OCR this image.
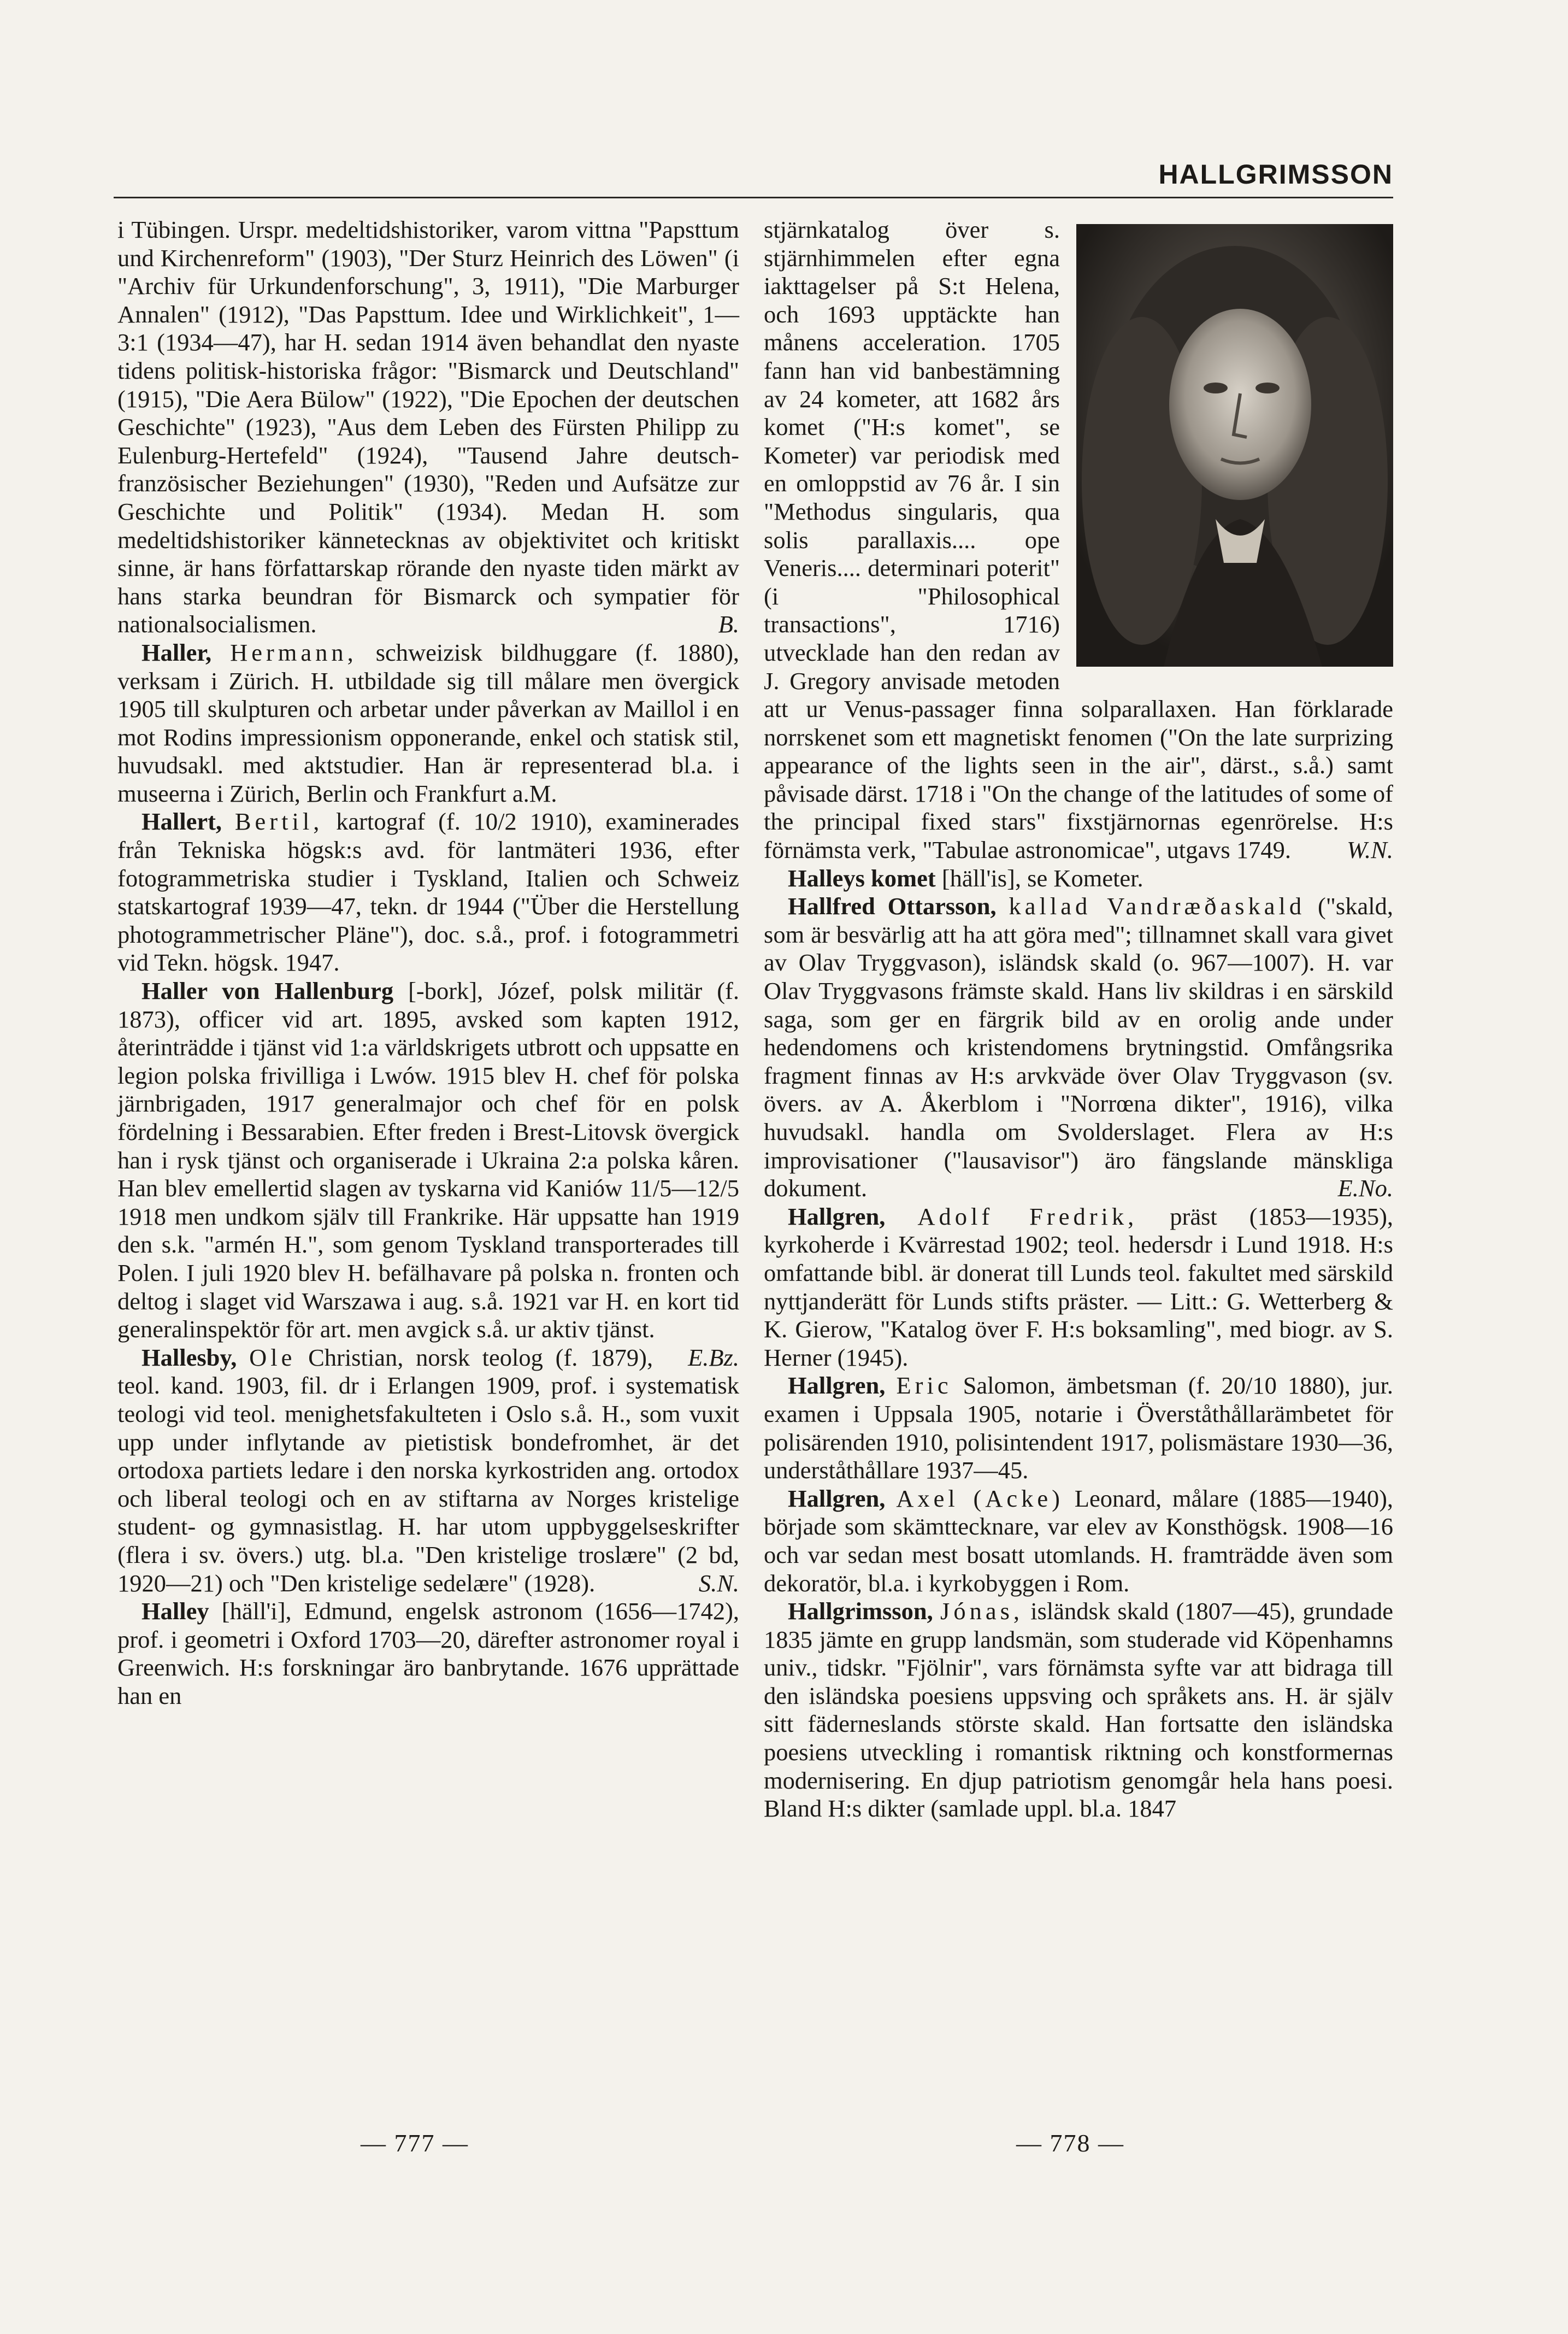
HALLGRIMSSON

i Tübingen. Urspr. medeltidshistoriker, varom vittna "Papsttum und Kirchenreform" (1903), "Der Sturz Heinrich des Löwen" (i "Archiv für Urkundenforschung", 3, 1911), "Die Marburger Annalen" (1912), "Das Papsttum. Idee und Wirklichkeit", 1—3:1 (1934—47), har H. sedan 1914 även behandlat den nyaste tidens politisk-historiska frågor: "Bismarck und Deutschland" (1915), "Die Aera Bülow" (1922), "Die Epochen der deutschen Geschichte" (1923), "Aus dem Leben des Fürsten Philipp zu Eulenburg-Hertefeld" (1924), "Tausend Jahre deutsch-französischer Beziehungen" (1930), "Reden und Aufsätze zur Geschichte und Politik" (1934). Medan H. som medeltidshistoriker kännetecknas av objektivitet och kritiskt sinne, är hans författarskap rörande den nyaste tiden märkt av hans starka beundran för Bismarck och sympatier för nationalsocialismen.	B.

Haller, Hermann, schweizisk bildhuggare (f. 1880), verksam i Zürich. H. utbildade sig till målare men övergick 1905 till skulpturen och arbetar under påverkan av Maillol i en mot Rodins impressionism opponerande, enkel och statisk stil, huvudsakl. med aktstudier. Han är representerad bl.a. i museerna i Zürich, Berlin och Frankfurt a.M.

Hallert, Bertil, kartograf (f. 10/2 1910), examinerades från Tekniska högsk:s avd. för lantmäteri 1936, efter fotogrammetriska studier i Tyskland, Italien och Schweiz statskartograf 1939—47, tekn. dr 1944 ("Über die Herstellung photogrammetrischer Pläne"), doc. s.å., prof. i fotogrammetri vid Tekn. högsk. 1947.

Haller von Hallenburg [-bork], Józef, polsk militär (f. 1873), officer vid art. 1895, avsked som kapten 1912, återinträdde i tjänst vid 1:a världskrigets utbrott och uppsatte en legion polska frivilliga i Lwów. 1915 blev H. chef för polska järnbrigaden, 1917 generalmajor och chef för en polsk fördelning i Bessarabien. Efter freden i Brest-Litovsk övergick han i rysk tjänst och organiserade i Ukraina 2:a polska kåren. Han blev emellertid slagen av tyskarna vid Kaniów 11/5—12/5 1918 men undkom själv till Frankrike. Här uppsatte han 1919 den s.k. "armén H.", som genom Tyskland transporterades till Polen. I juli 1920 blev H. befälhavare på polska n. fronten och deltog i slaget vid Warszawa i aug. s.å. 1921 var H. en kort tid generalinspektör för art. men avgick s.å. ur aktiv tjänst.
E.Bz.

Hallesby, Ole Christian, norsk teolog (f. 1879), teol. kand. 1903, fil. dr i Erlangen 1909, prof. i systematisk teologi vid teol. menighetsfakulteten i Oslo s.å. H., som vuxit upp under inflytande av pietistisk bondefromhet, är det ortodoxa partiets ledare i den norska kyrkostriden ang. ortodox och liberal teologi och en av stiftarna av Norges kristelige student- og gymnasistlag. H. har utom uppbyggelseskrifter (flera i sv. övers.) utg. bl.a. "Den kristelige troslære" (2 bd, 1920—21) och "Den kristelige sedelære" (1928).	S.N.

Halley [häll'i], Edmund, engelsk astronom (1656—1742), prof. i geometri i Oxford 1703—20, därefter astronomer royal i Greenwich. H:s forskningar äro banbrytande. 1676 upprättade han en

stjärnkatalog över s. stjärnhimmelen efter egna iakttagelser på S:t Helena, och 1693 upptäckte han månens acceleration. 1705 fann han vid banbestämning av 24 kometer, att 1682 års komet ("H:s komet", se Kometer) var periodisk med en omloppstid av 76 år. I sin "Methodus singularis, qua solis parallaxis.... ope Veneris.... determinari poterit" (i "Philosophical transactions", 1716) utvecklade han den redan av J. Gregory anvisade metoden att ur Venus-passager finna solparallaxen. Han förklarade norrskenet som ett magnetiskt fenomen ("On the late surprizing appearance of the lights seen in the air", därst., s.å.) samt påvisade därst. 1718 i "On the change of the latitudes of some of the principal fixed stars" fixstjärnornas egenrörelse. H:s förnämsta verk, "Tabulae astronomicae", utgavs 1749.	W.N.

Halleys komet [häll'is], se Kometer.

Hallfred Ottarsson, kallad Vandræðaskald ("skald, som är besvärlig att ha att göra med"; tillnamnet skall vara givet av Olav Tryggvason), isländsk skald (o. 967—1007). H. var Olav Tryggvasons främste skald. Hans liv skildras i en särskild saga, som ger en färgrik bild av en orolig ande under hedendomens och kristendomens brytningstid. Omfångsrika fragment finnas av H:s arvkväde över Olav Tryggvason (sv. övers. av A. Åkerblom i "Norrœna dikter", 1916), vilka huvudsakl. handla om Svolderslaget. Flera av H:s improvisationer ("lausavisor") äro fängslande mänskliga dokument.	E.No.

Hallgren, Adolf Fredrik, präst (1853—1935), kyrkoherde i Kvärrestad 1902; teol. hedersdr i Lund 1918. H:s omfattande bibl. är donerat till Lunds teol. fakultet med särskild nyttjanderätt för Lunds stifts präster. — Litt.: G. Wetterberg & K. Gierow, "Katalog över F. H:s boksamling", med biogr. av S. Herner (1945).

Hallgren, Eric Salomon, ämbetsman (f. 20/10 1880), jur. examen i Uppsala 1905, notarie i Överståthållarämbetet för polisärenden 1910, polisintendent 1917, polismästare 1930—36, underståthållare 1937—45.

Hallgren, Axel (Acke) Leonard, målare (1885—1940), började som skämttecknare, var elev av Konsthögsk. 1908—16 och var sedan mest bosatt utomlands. H. framträdde även som dekoratör, bl.a. i kyrkobyggen i Rom.

Hallgrimsson, Jónas, isländsk skald (1807—45), grundade 1835 jämte en grupp landsmän, som studerade vid Köpenhamns univ., tidskr. "Fjölnir", vars förnämsta syfte var att bidraga till den isländska poesiens uppsving och språkets ans. H. är själv sitt fäderneslands störste skald. Han fortsatte den isländska poesiens utveckling i romantisk riktning och konstformernas modernisering. En djup patriotism genomgår hela hans poesi. Bland H:s dikter (samlade uppl. bl.a. 1847

— 777 —	— 778 —
